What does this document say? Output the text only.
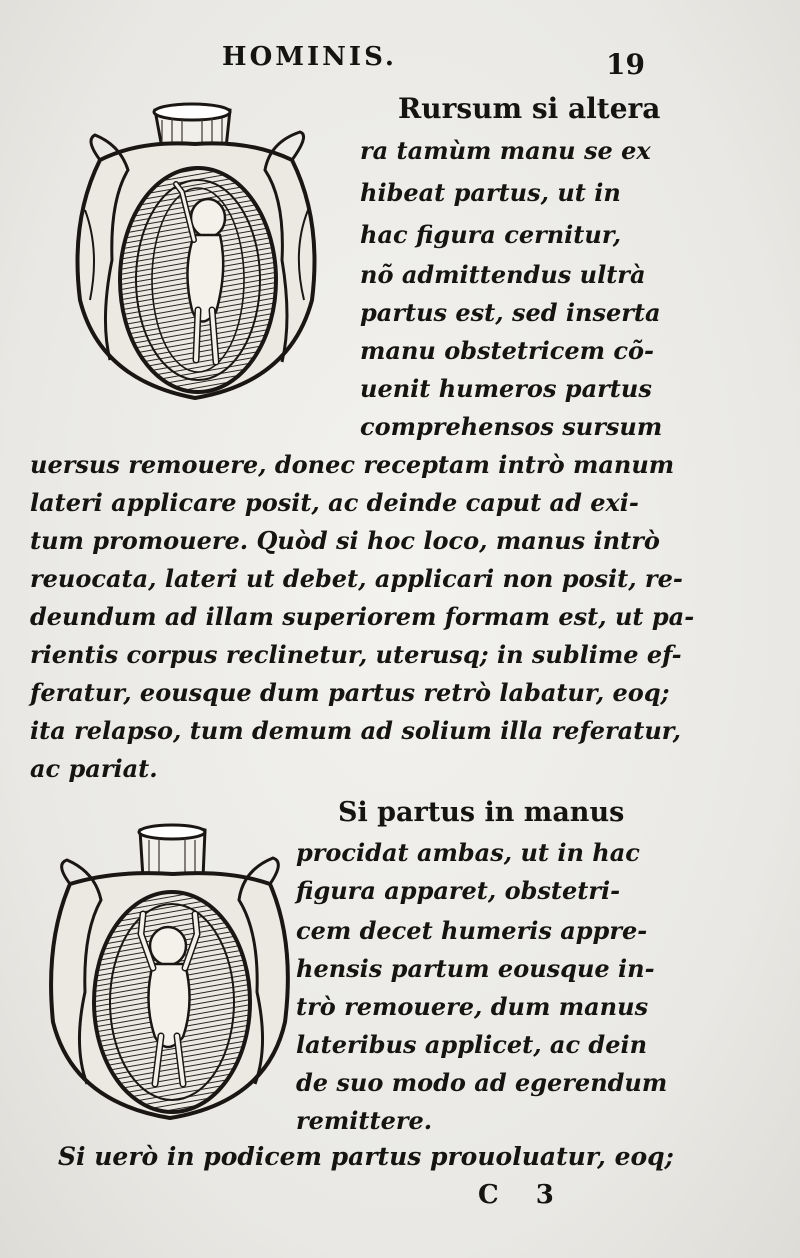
HOMINIS.	19
Rursum si altera
ra tamùm manu se ex
hibeat partus, ut in
hac figura cernitur,
nõ admittendus ultrà
partus est, sed inserta
manu obstetricem cõ-
uenit humeros partus
comprehensos sursum
uersus remouere, donec receptam intrò manum
lateri applicare posit, ac deinde caput ad exi-
tum promouere. Quòd si hoc loco, manus intrò
reuocata, lateri ut debet, applicari non posit, re-
deundum ad illam superiorem formam est, ut pa-
rientis corpus reclinetur, uterusq; in sublime ef-
feratur, eousque dum partus retrò labatur, eoq;
ita relapso, tum demum ad solium illa referatur,
ac pariat.
Si partus in manus
procidat ambas, ut in hac
figura apparet, obstetri-
cem decet humeris appre-
hensis partum eousque in-
trò remouere, dum manus
lateribus applicet, ac dein
de suo modo ad egerendum
remittere.
Si uerò in podicem partus prouoluatur, eoq;
C 3
